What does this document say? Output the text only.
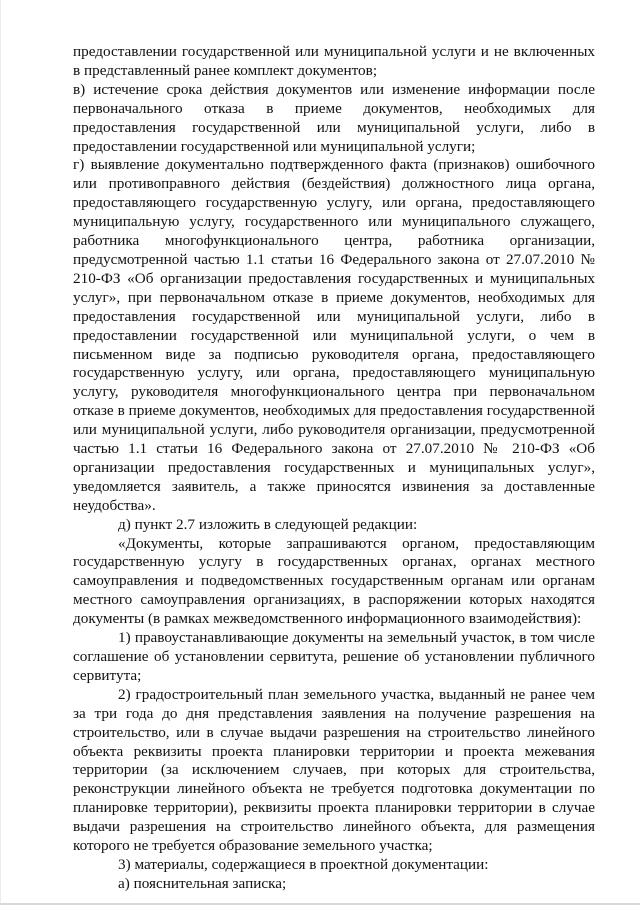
предоставлении государственной или муниципальной услуги и не включенных в представленный ранее комплект документов;

в) истечение срока действия документов или изменение информации после первоначального отказа в приеме документов, необходимых для предоставления государственной или муниципальной услуги, либо в предоставлении государственной или муниципальной услуги;

г) выявление документально подтвержденного факта (признаков) ошибочного или противоправного действия (бездействия) должностного лица органа, предоставляющего государственную услугу, или органа, предоставляющего муниципальную услугу, государственного или муниципального служащего, работника многофункционального центра, работника организации, предусмотренной частью 1.1 статьи 16 Федерального закона от 27.07.2010 № 210-ФЗ «Об организации предоставления государственных и муниципальных услуг», при первоначальном отказе в приеме документов, необходимых для предоставления государственной или муниципальной услуги, либо в предоставлении государственной или муниципальной услуги, о чем в письменном виде за подписью руководителя органа, предоставляющего государственную услугу, или органа, предоставляющего муниципальную услугу, руководителя многофункционального центра при первоначальном отказе в приеме документов, необходимых для предоставления государственной или муниципальной услуги, либо руководителя организации, предусмотренной частью 1.1 статьи 16 Федерального закона от 27.07.2010 № 210-ФЗ «Об организации предоставления государственных и муниципальных услуг», уведомляется заявитель, а также приносятся извинения за доставленные неудобства».

д) пункт 2.7 изложить в следующей редакции:

«Документы, которые запрашиваются органом, предоставляющим государственную услугу в государственных органах, органах местного самоуправления и подведомственных государственным органам или органам местного самоуправления организациях, в распоряжении которых находятся документы (в рамках межведомственного информационного взаимодействия):

1) правоустанавливающие документы на земельный участок, в том числе соглашение об установлении сервитута, решение об установлении публичного сервитута;

2) градостроительный план земельного участка, выданный не ранее чем за три года до дня представления заявления на получение разрешения на строительство, или в случае выдачи разрешения на строительство линейного объекта реквизиты проекта планировки территории и проекта межевания территории (за исключением случаев, при которых для строительства, реконструкции линейного объекта не требуется подготовка документации по планировке территории), реквизиты проекта планировки территории в случае выдачи разрешения на строительство линейного объекта, для размещения которого не требуется образование земельного участка;

3) материалы, содержащиеся в проектной документации:

а) пояснительная записка;
